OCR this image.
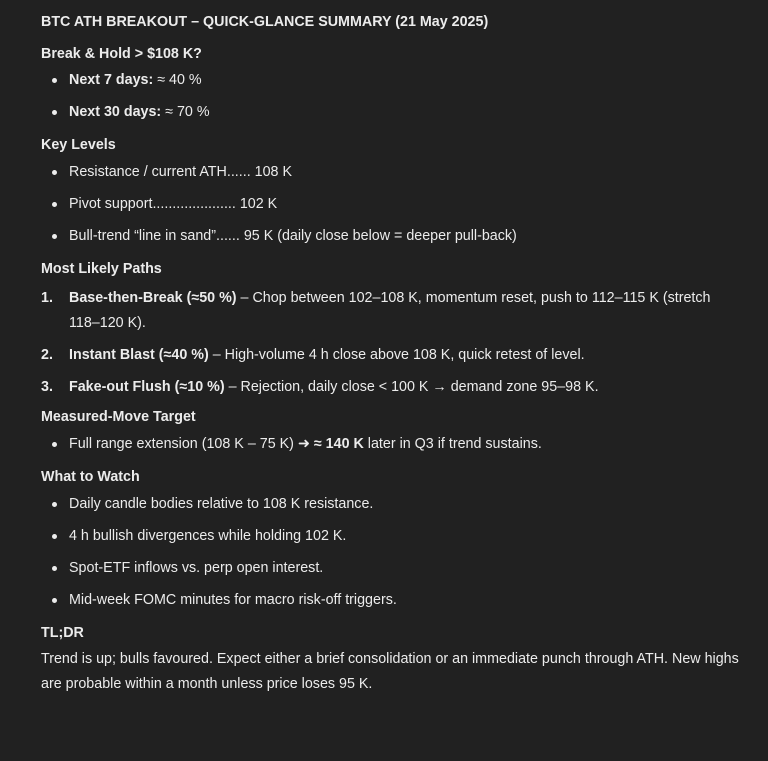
BTC ATH BREAKOUT – QUICK-GLANCE SUMMARY (21 May 2025)
Break & Hold > $108 K?
Next 7 days: ≈ 40 %
Next 30 days: ≈ 70 %
Key Levels
Resistance / current ATH...... 108 K
Pivot support..................... 102 K
Bull-trend “line in sand”...... 95 K (daily close below = deeper pull-back)
Most Likely Paths
1. Base-then-Break (≈50 %) – Chop between 102–108 K, momentum reset, push to 112–115 K (stretch 118–120 K).
2. Instant Blast (≈40 %) – High-volume 4 h close above 108 K, quick retest of level.
3. Fake-out Flush (≈10 %) – Rejection, daily close < 100 K → demand zone 95–98 K.
Measured-Move Target
Full range extension (108 K – 75 K) ➜ ≈ 140 K later in Q3 if trend sustains.
What to Watch
Daily candle bodies relative to 108 K resistance.
4 h bullish divergences while holding 102 K.
Spot-ETF inflows vs. perp open interest.
Mid-week FOMC minutes for macro risk-off triggers.
TL;DR

Trend is up; bulls favoured. Expect either a brief consolidation or an immediate punch through ATH. New highs are probable within a month unless price loses 95 K.
